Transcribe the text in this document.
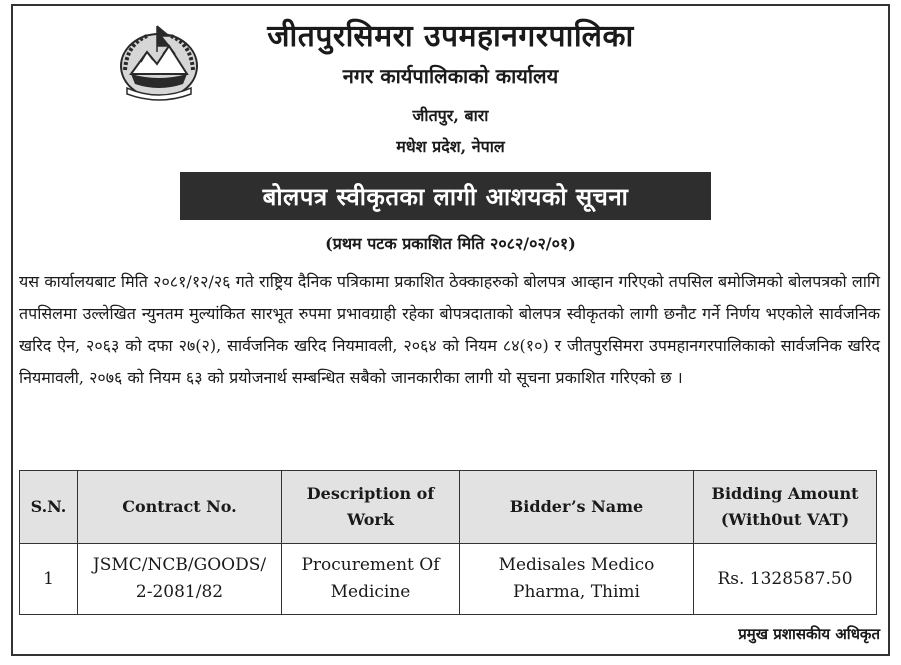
जीतपुरसिमरा उपमहानगरपालिका
नगर कार्यपालिकाको कार्यालय
जीतपुर, बारा
मधेश प्रदेश, नेपाल
बोलपत्र स्वीकृतका लागी आशयको सूचना
(प्रथम पटक प्रकाशित मिति २०८२/०२/०१)
यस कार्यालयबाट मिति २०८१/१२/२६ गते राष्ट्रिय दैनिक पत्रिकामा प्रकाशित ठेक्काहरुको बोलपत्र आव्हान गरिएको तपसिल बमोजिमको बोलपत्रको लागि तपसिलमा उल्लेखित न्युनतम मुल्यांकित सारभूत रुपमा प्रभावग्राही रहेका बोपत्रदाताको बोलपत्र स्वीकृतको लागी छनौट गर्ने निर्णय भएकोले सार्वजनिक खरिद ऐन, २०६३ को दफा २७(२), सार्वजनिक खरिद नियमावली, २०६४ को नियम ८४(१०) र जीतपुरसिमरा उपमहानगरपालिकाको सार्वजनिक खरिद नियमावली, २०७६ को नियम ६३ को प्रयोजनार्थ सम्बन्धित सबैको जानकारीका लागी यो सूचना प्रकाशित गरिएको छ ।
S.N.	Contract No.	Description of Work	Bidder’s Name	Bidding Amount (With0ut VAT)
1	JSMC/NCB/GOODS/ 2-2081/82	Procurement Of Medicine	Medisales Medico Pharma, Thimi	Rs. 1328587.50
प्रमुख प्रशासकीय अधिकृत
